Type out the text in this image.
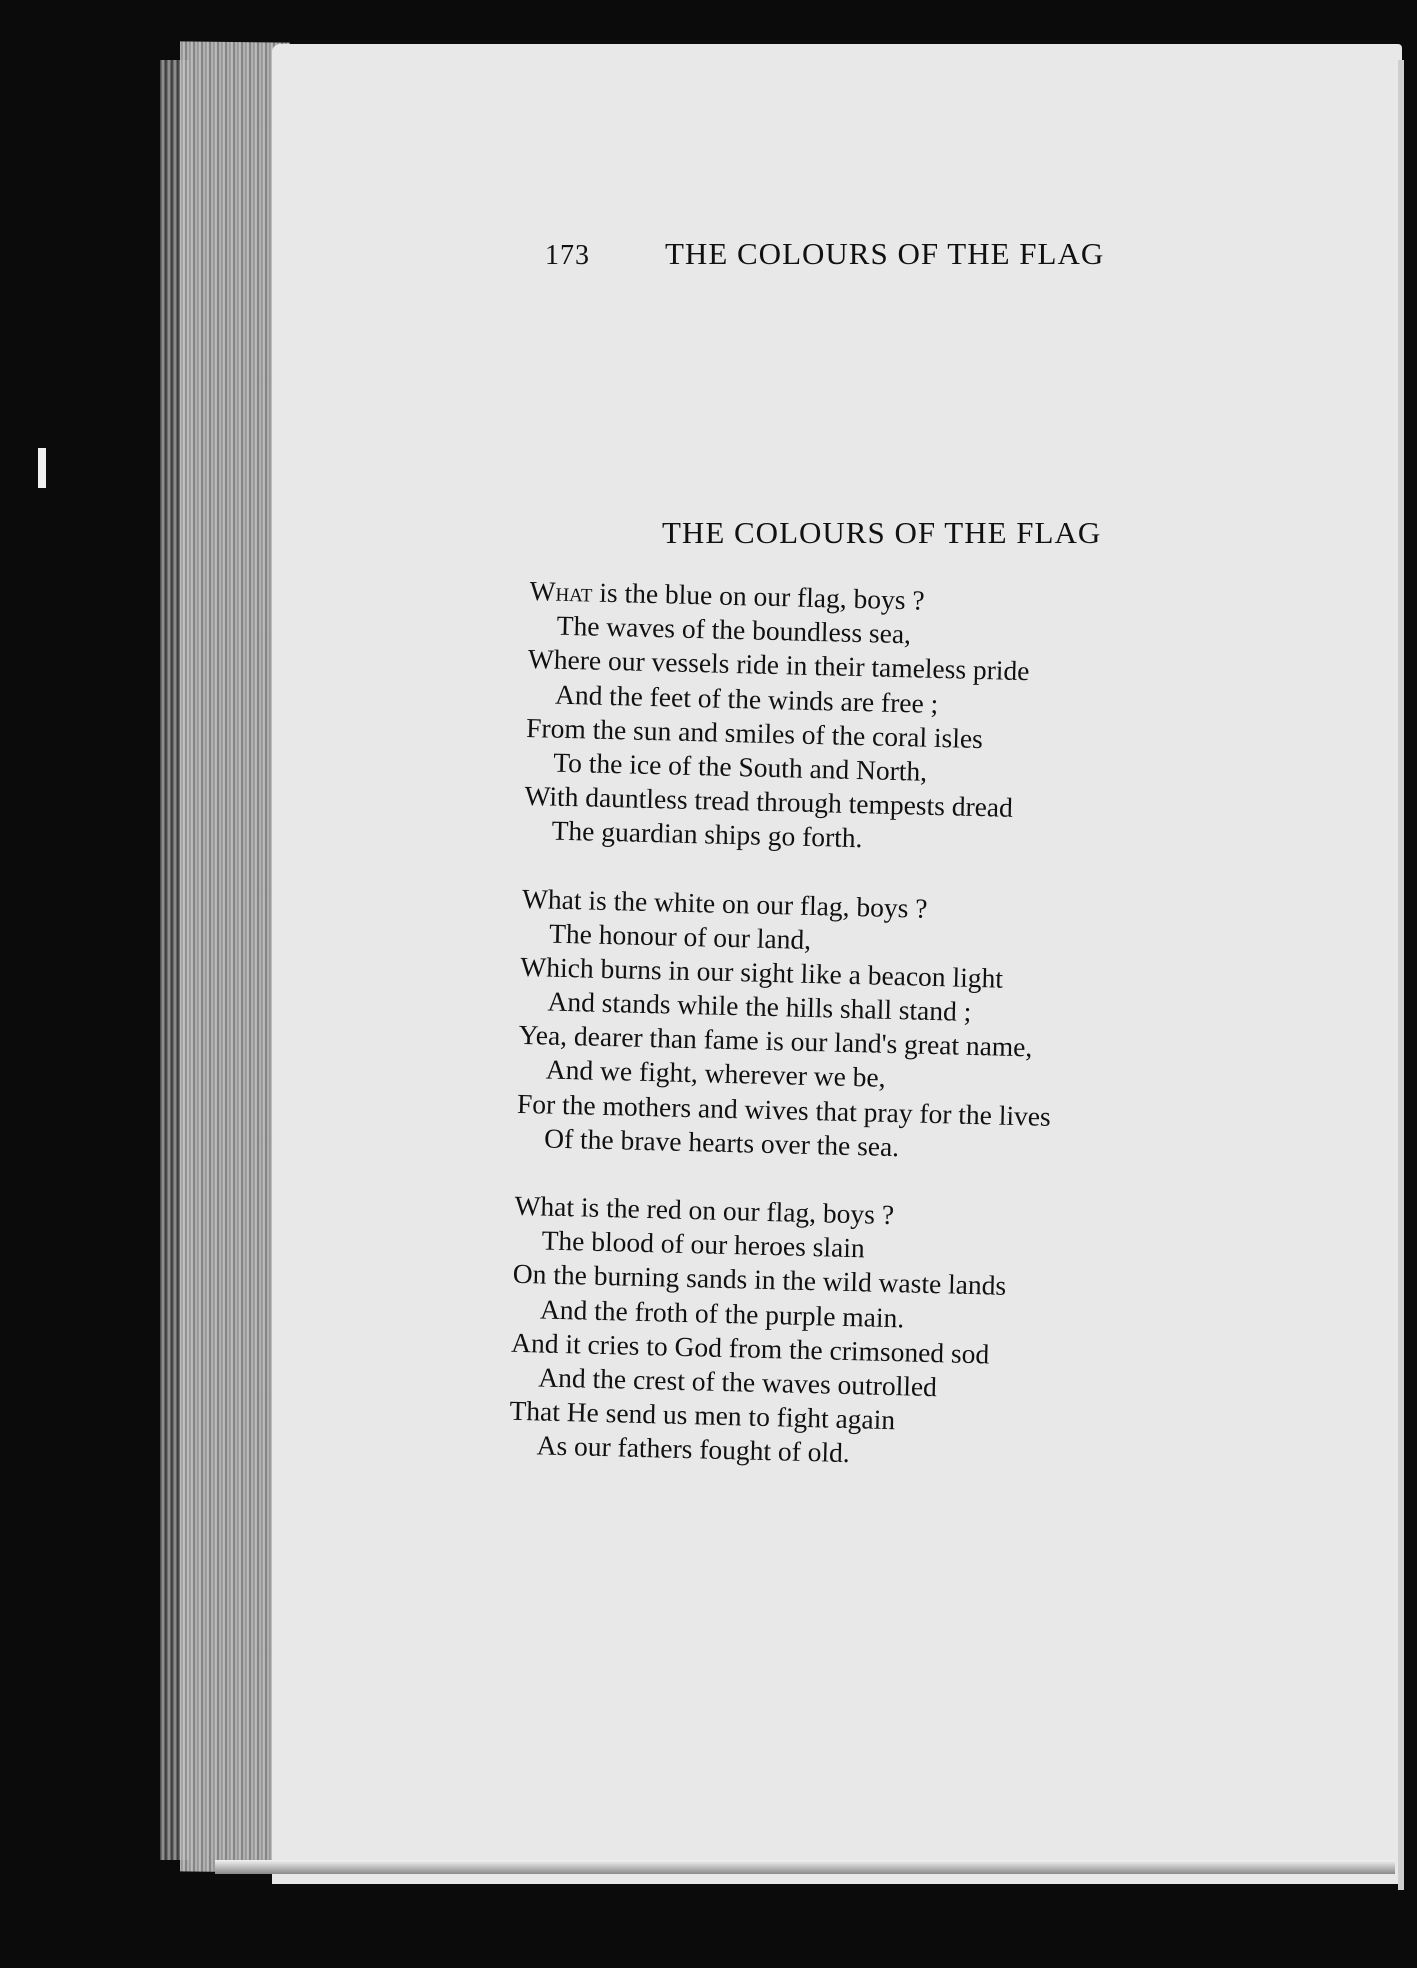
173 THE COLOURS OF THE FLAG
THE COLOURS OF THE FLAG
What is the blue on our flag, boys ?
The waves of the boundless sea,
Where our vessels ride in their tameless pride
And the feet of the winds are free ;
From the sun and smiles of the coral isles
To the ice of the South and North,
With dauntless tread through tempests dread
The guardian ships go forth.
What is the white on our flag, boys ?
The honour of our land,
Which burns in our sight like a beacon light
And stands while the hills shall stand ;
Yea, dearer than fame is our land's great name,
And we fight, wherever we be,
For the mothers and wives that pray for the lives
Of the brave hearts over the sea.
What is the red on our flag, boys ?
The blood of our heroes slain
On the burning sands in the wild waste lands
And the froth of the purple main.
And it cries to God from the crimsoned sod
And the crest of the waves outrolled
That He send us men to fight again
As our fathers fought of old.
